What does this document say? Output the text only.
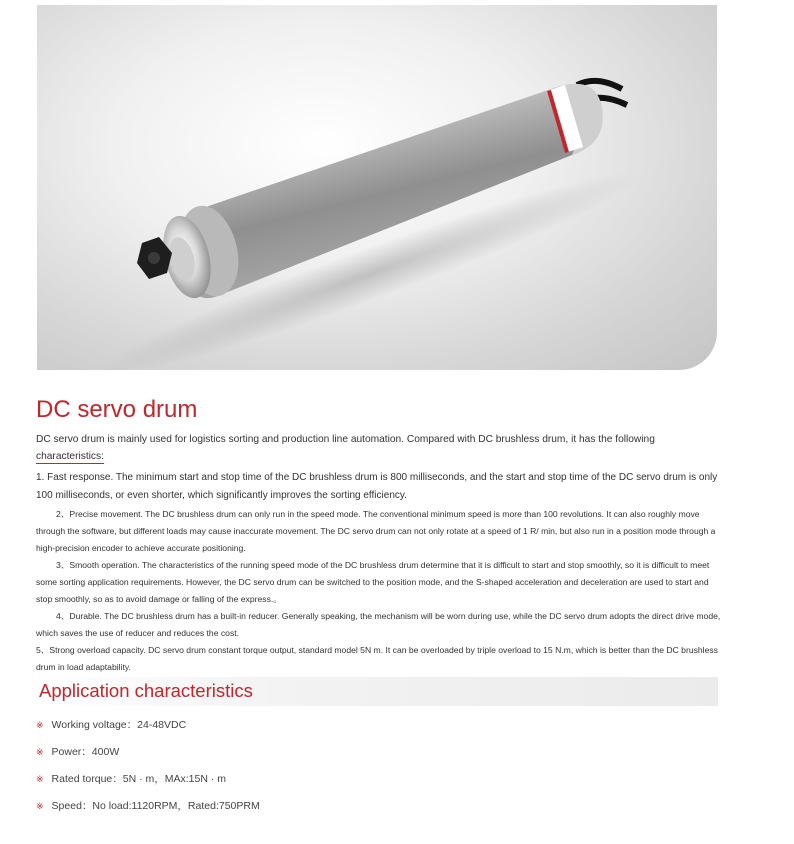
DC servo drum

DC servo drum is mainly used for logistics sorting and production line automation. Compared with DC brushless drum, it has the following characteristics:

1. Fast response. The minimum start and stop time of the DC brushless drum is 800 milliseconds, and the start and stop time of the DC servo drum is only 100 milliseconds, or even shorter, which significantly improves the sorting efficiency.

2、Precise movement. The DC brushless drum can only run in the speed mode. The conventional minimum speed is more than 100 revolutions. It can also roughly move through the software, but different loads may cause inaccurate movement. The DC servo drum can not only rotate at a speed of 1 R/ min, but also run in a position mode through a high-precision encoder to achieve accurate positioning.

3、Smooth operation. The characteristics of the running speed mode of the DC brushless drum determine that it is difficult to start and stop smoothly, so it is difficult to meet some sorting application requirements. However, the DC servo drum can be switched to the position mode, and the S-shaped acceleration and deceleration are used to start and stop smoothly, so as to avoid damage or falling of the express.。

4、Durable. The DC brushless drum has a built-in reducer. Generally speaking, the mechanism will be worn during use, while the DC servo drum adopts the direct drive mode, which saves the use of reducer and reduces the cost.

5、Strong overload capacity. DC servo drum constant torque output, standard model 5N m. It can be overloaded by triple overload to 15 N.m, which is better than the DC brushless drum in load adaptability.

Application characteristics
※ Working voltage：24-48VDC
※ Power：400W
※ Rated torque：5N · m，MAx:15N · m
※ Speed：No load:1120RPM，Rated:750PRM
